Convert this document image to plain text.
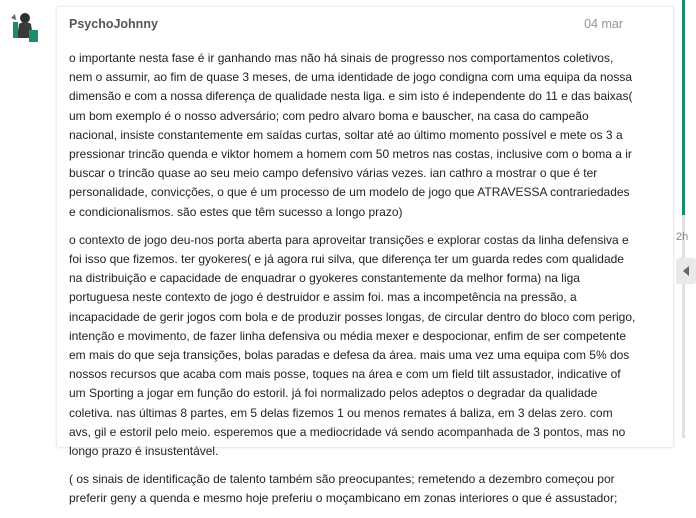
PsychoJohnny	04 mar

o importante nesta fase é ir ganhando mas não há sinais de progresso nos comportamentos coletivos, nem o assumir, ao fim de quase 3 meses, de uma identidade de jogo condigna com uma equipa da nossa dimensão e com a nossa diferença de qualidade nesta liga. e sim isto é independente do 11 e das baixas( um bom exemplo é o nosso adversário; com pedro alvaro boma e bauscher, na casa do campeão nacional, insiste constantemente em saídas curtas, soltar até ao último momento possível e mete os 3 a pressionar trincão quenda e viktor homem a homem com 50 metros nas costas, inclusive com o boma a ir buscar o trincão quase ao seu meio campo defensivo várias vezes. ian cathro a mostrar o que é ter personalidade, convicções, o que é um processo de um modelo de jogo que ATRAVESSA contrariedades e condicionalismos. são estes que têm sucesso a longo prazo)

o contexto de jogo deu-nos porta aberta para aproveitar transições e explorar costas da linha defensiva e foi isso que fizemos. ter gyokeres( e já agora rui silva, que diferença ter um guarda redes com qualidade na distribuição e capacidade de enquadrar o gyokeres constantemente da melhor forma) na liga portuguesa neste contexto de jogo é destruidor e assim foi. mas a incompetência na pressão, a incapacidade de gerir jogos com bola e de produzir posses longas, de circular dentro do bloco com perigo, intenção e movimento, de fazer linha defensiva ou média mexer e despocionar, enfim de ser competente em mais do que seja transições, bolas paradas e defesa da área. mais uma vez uma equipa com 5% dos nossos recursos que acaba com mais posse, toques na área e com um field tilt assustador, indicative of um Sporting a jogar em função do estoril. já foi normalizado pelos adeptos o degradar da qualidade coletiva. nas últimas 8 partes, em 5 delas fizemos 1 ou menos remates á baliza, em 3 delas zero. com avs, gil e estoril pelo meio. esperemos que a mediocridade vá sendo acompanhada de 3 pontos, mas no longo prazo é insustentável.

( os sinais de identificação de talento também são preocupantes; remetendo a dezembro começou por preferir geny a quenda e mesmo hoje preferiu o moçambicano em zonas interiores o que é assustador;

2h
